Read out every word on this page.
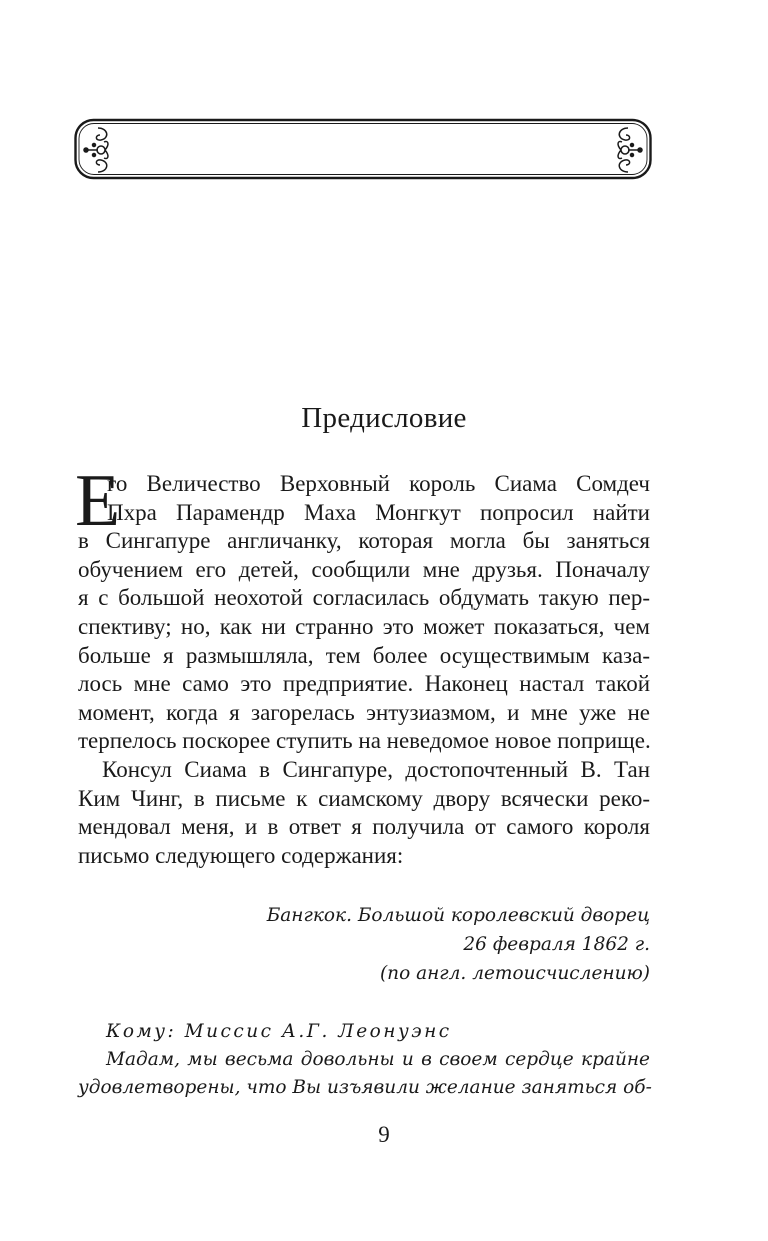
Предисловие
Е
го Величество Верховный король Сиама Сомдеч
Пхра Парамендр Маха Монгкут попросил найти
в Сингапуре англичанку, которая могла бы заняться
обучением его детей, сообщили мне друзья. Поначалу
я с большой неохотой согласилась обдумать такую пер-
спективу; но, как ни странно это может показаться, чем
больше я размышляла, тем более осуществимым каза-
лось мне само это предприятие. Наконец настал такой
момент, когда я загорелась энтузиазмом, и мне уже не
терпелось поскорее ступить на неведомое новое поприще.
Консул Сиама в Сингапуре, достопочтенный В. Тан
Ким Чинг, в письме к сиамскому двору всячески реко-
мендовал меня, и в ответ я получила от самого короля
письмо следующего содержания:
Бангкок. Большой королевский дворец
26 февраля 1862 г.
(по англ. летоисчислению)
Кому: Миссис А.Г. Леонуэнс
Мадам, мы весьма довольны и в своем сердце крайне
удовлетворены, что Вы изъявили желание заняться об-
9
